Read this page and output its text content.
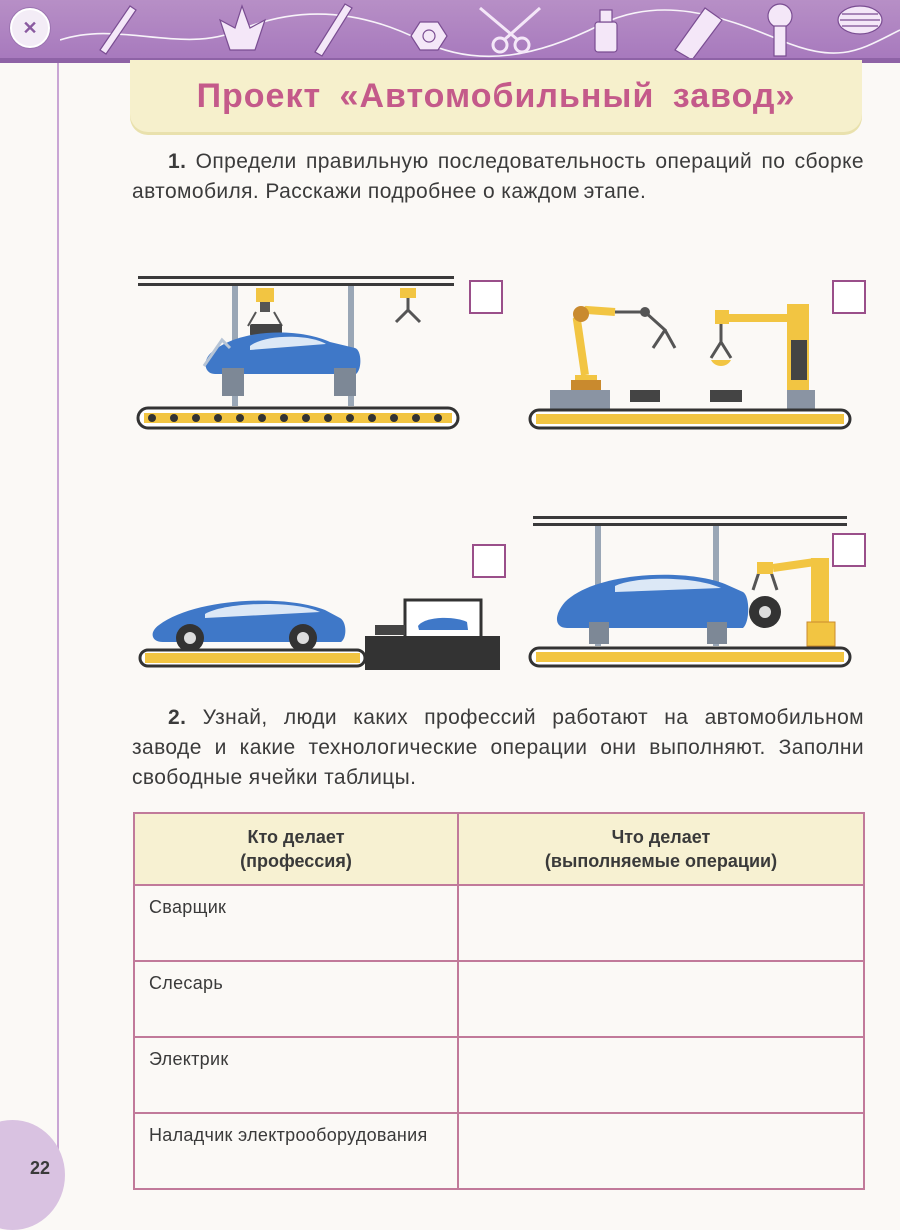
✕
Проект «Автомобильный завод»
1. Определи правильную последовательность операций по сборке автомобиля. Расскажи подробнее о каждом этапе.
2. Узнай, люди каких профессий работают на автомобильном заводе и какие технологические операции они выполняют. Заполни свободные ячейки таблицы.
Кто делает
(профессия)	Что делает
(выполняемые операции)
Сварщик	
Слесарь	
Электрик	
Наладчик электрооборудования	
22
